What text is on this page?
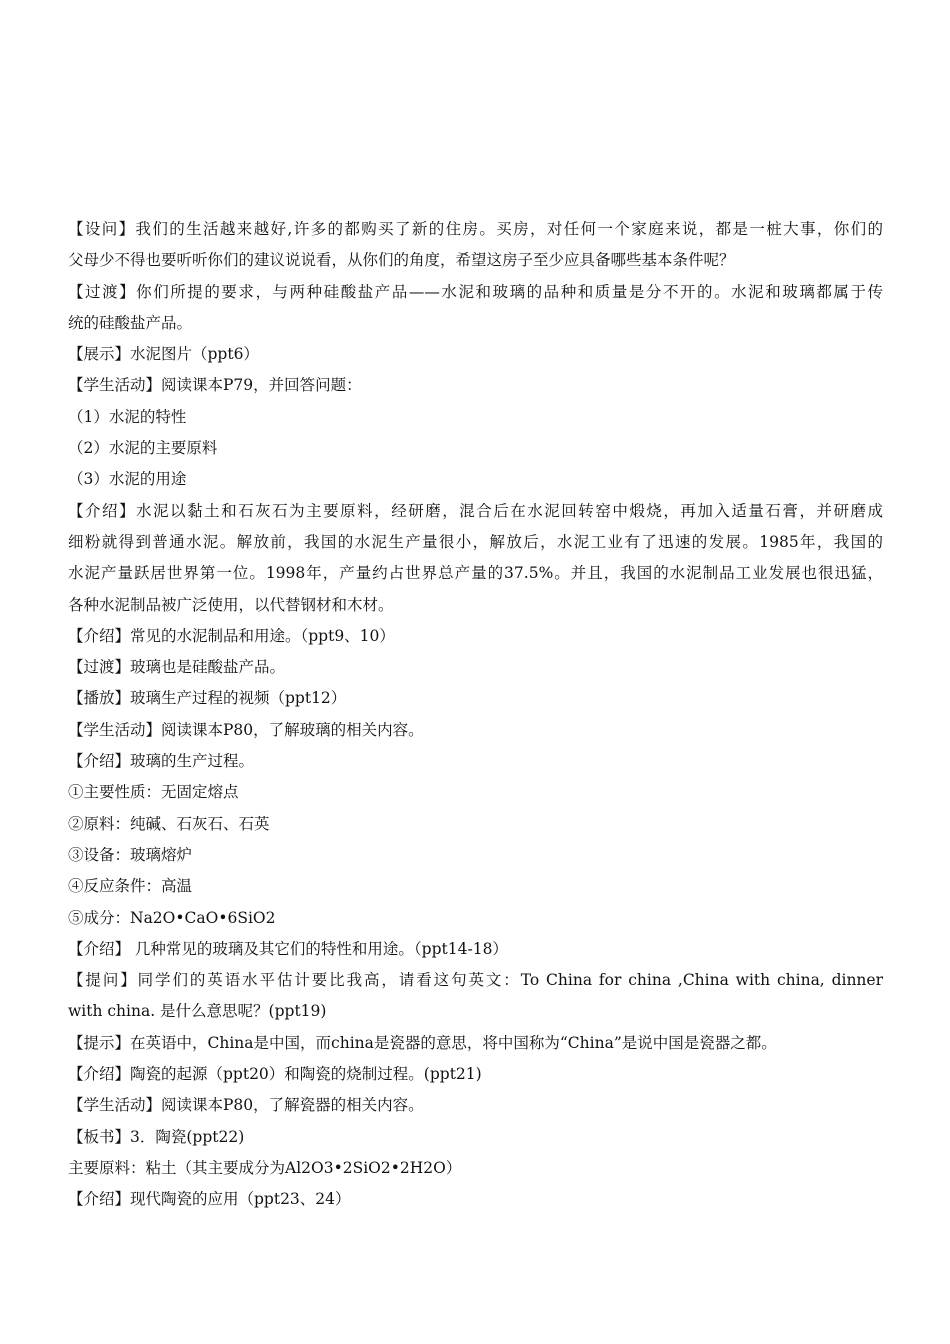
【设问】我们的生活越来越好,许多的都购买了新的住房。买房，对任何一个家庭来说，都是一桩大事，你们的
父母少不得也要听听你们的建议说说看，从你们的角度，希望这房子至少应具备哪些基本条件呢？
【过渡】你们所提的要求，与两种硅酸盐产品——水泥和玻璃的品种和质量是分不开的。水泥和玻璃都属于传
统的硅酸盐产品。
【展示】水泥图片（ppt6）
【学生活动】阅读课本P79，并回答问题：
（1）水泥的特性
（2）水泥的主要原料
（3）水泥的用途
【介绍】水泥以黏土和石灰石为主要原料，经研磨，混合后在水泥回转窑中煅烧，再加入适量石膏，并研磨成
细粉就得到普通水泥。解放前，我国的水泥生产量很小，解放后，水泥工业有了迅速的发展。1985年，我国的
水泥产量跃居世界第一位。1998年，产量约占世界总产量的37.5%。并且，我国的水泥制品工业发展也很迅猛，
各种水泥制品被广泛使用，以代替钢材和木材。
【介绍】常见的水泥制品和用途。（ppt9、10）
【过渡】玻璃也是硅酸盐产品。
【播放】玻璃生产过程的视频（ppt12）
【学生活动】阅读课本P80，了解玻璃的相关内容。
【介绍】玻璃的生产过程。
①主要性质：无固定熔点
②原料：纯碱、石灰石、石英
③设备：玻璃熔炉
④反应条件：高温
⑤成分：Na2O•CaO•6SiO2
【介绍】 几种常见的玻璃及其它们的特性和用途。（ppt14-18）
【提问】同学们的英语水平估计要比我高，请看这句英文：To China for china ,China with china, dinner
with china. 是什么意思呢？(ppt19)
【提示】在英语中，China是中国，而china是瓷器的意思，将中国称为“China”是说中国是瓷器之都。
【介绍】陶瓷的起源（ppt20）和陶瓷的烧制过程。(ppt21)
【学生活动】阅读课本P80，了解瓷器的相关内容。
【板书】3．陶瓷(ppt22)
主要原料：粘土（其主要成分为Al2O3•2SiO2•2H2O）
【介绍】现代陶瓷的应用（ppt23、24）
